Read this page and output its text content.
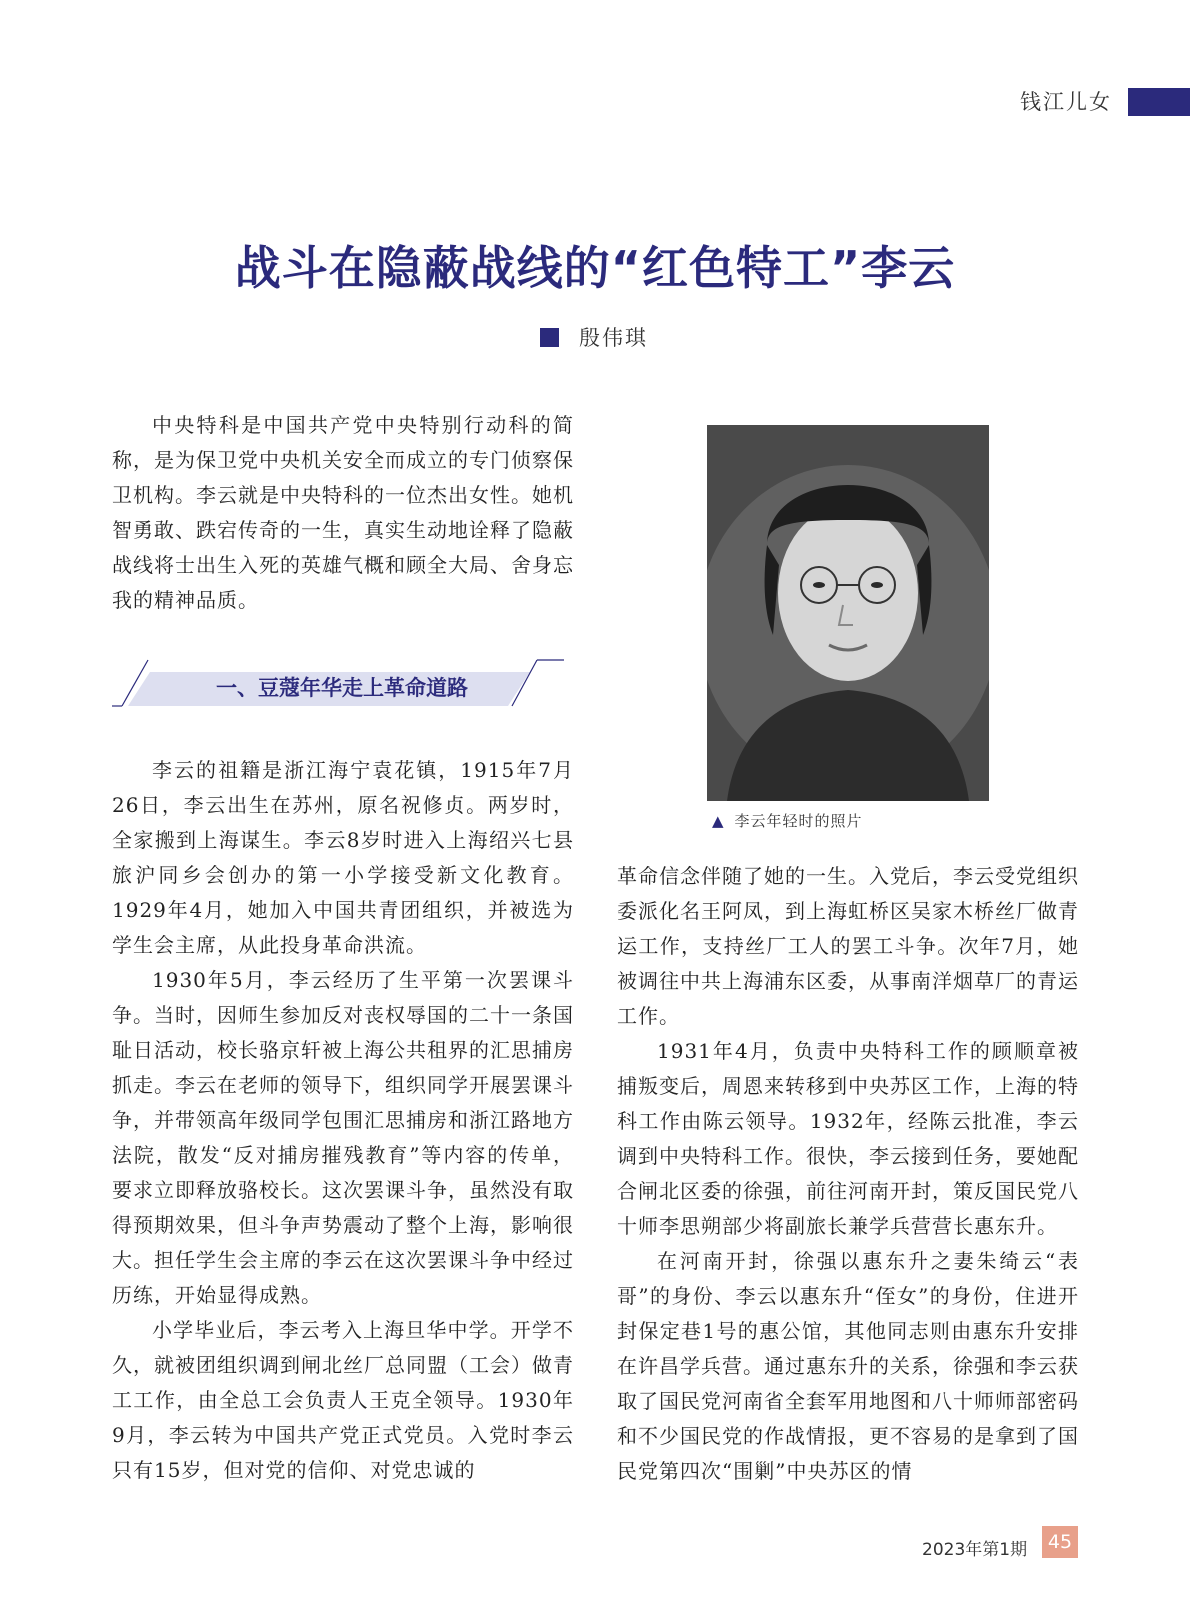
钱江儿女
战斗在隐蔽战线的“红色特工”李云
殷伟琪

中央特科是中国共产党中央特别行动科的简称，是为保卫党中央机关安全而成立的专门侦察保卫机构。李云就是中央特科的一位杰出女性。她机智勇敢、跌宕传奇的一生，真实生动地诠释了隐蔽战线将士出生入死的英雄气概和顾全大局、舍身忘我的精神品质。

一、豆蔻年华走上革命道路

李云的祖籍是浙江海宁袁花镇，1915年7月26日，李云出生在苏州，原名祝修贞。两岁时，全家搬到上海谋生。李云8岁时进入上海绍兴七县旅沪同乡会创办的第一小学接受新文化教育。1929年4月，她加入中国共青团组织，并被选为学生会主席，从此投身革命洪流。

1930年5月，李云经历了生平第一次罢课斗争。当时，因师生参加反对丧权辱国的二十一条国耻日活动，校长骆京轩被上海公共租界的汇思捕房抓走。李云在老师的领导下，组织同学开展罢课斗争，并带领高年级同学包围汇思捕房和浙江路地方法院，散发“反对捕房摧残教育”等内容的传单，要求立即释放骆校长。这次罢课斗争，虽然没有取得预期效果，但斗争声势震动了整个上海，影响很大。担任学生会主席的李云在这次罢课斗争中经过历练，开始显得成熟。

小学毕业后，李云考入上海旦华中学。开学不久，就被团组织调到闸北丝厂总同盟（工会）做青工工作，由全总工会负责人王克全领导。1930年9月，李云转为中国共产党正式党员。入党时李云只有15岁，但对党的信仰、对党忠诚的

▲ 李云年轻时的照片

革命信念伴随了她的一生。入党后，李云受党组织委派化名王阿凤，到上海虹桥区吴家木桥丝厂做青运工作，支持丝厂工人的罢工斗争。次年7月，她被调往中共上海浦东区委，从事南洋烟草厂的青运工作。

1931年4月，负责中央特科工作的顾顺章被捕叛变后，周恩来转移到中央苏区工作，上海的特科工作由陈云领导。1932年，经陈云批准，李云调到中央特科工作。很快，李云接到任务，要她配合闸北区委的徐强，前往河南开封，策反国民党八十师李思朔部少将副旅长兼学兵营营长惠东升。

在河南开封，徐强以惠东升之妻朱绮云“表哥”的身份、李云以惠东升“侄女”的身份，住进开封保定巷1号的惠公馆，其他同志则由惠东升安排在许昌学兵营。通过惠东升的关系，徐强和李云获取了国民党河南省全套军用地图和八十师师部密码和不少国民党的作战情报，更不容易的是拿到了国民党第四次“围剿”中央苏区的情

2023年第1期	45
